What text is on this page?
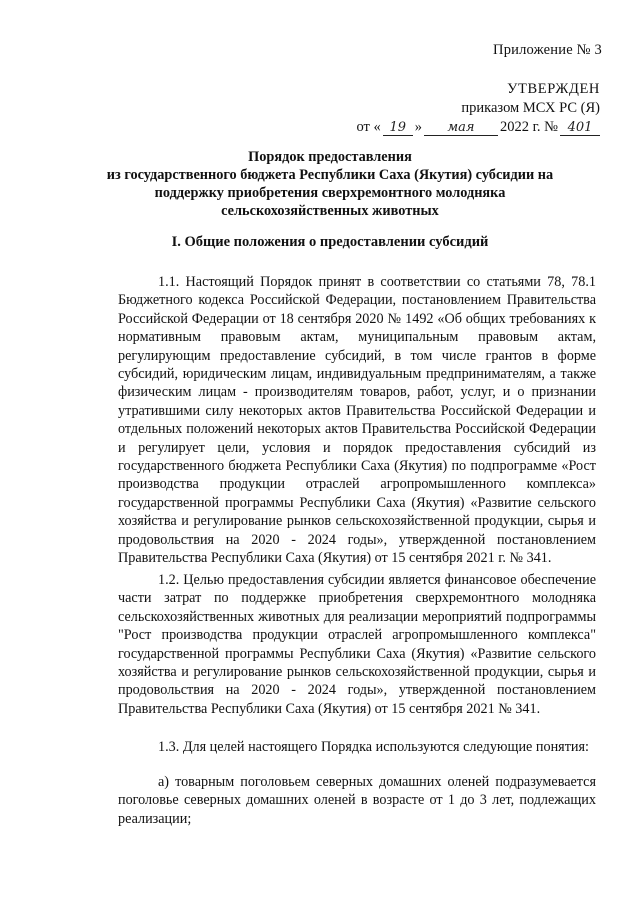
Приложение № 3
УТВЕРЖДЕН
приказом МСХ РС (Я)
от « 19 »	мая	2022 г. № 401
Порядок предоставления
из государственного бюджета Республики Саха (Якутия) субсидии на
поддержку приобретения сверхремонтного молодняка
сельскохозяйственных животных
I. Общие положения о предоставлении субсидий

1.1. Настоящий Порядок принят в соответствии со статьями 78, 78.1 Бюджетного кодекса Российской Федерации, постановлением Правительства Российской Федерации от 18 сентября 2020 № 1492 «Об общих требованиях к нормативным правовым актам, муниципальным правовым актам, регулирующим предоставление субсидий, в том числе грантов в форме субсидий, юридическим лицам, индивидуальным предпринимателям, а также физическим лицам - производителям товаров, работ, услуг, и о признании утратившими силу некоторых актов Правительства Российской Федерации и отдельных положений некоторых актов Правительства Российской Федерации и регулирует цели, условия и порядок предоставления субсидий из государственного бюджета Республики Саха (Якутия) по подпрограмме «Рост производства продукции отраслей агропромышленного комплекса» государственной программы Республики Саха (Якутия) «Развитие сельского хозяйства и регулирование рынков сельскохозяйственной продукции, сырья и продовольствия на 2020 - 2024 годы», утвержденной постановлением Правительства Республики Саха (Якутия) от 15 сентября 2021 г. № 341.

1.2. Целью предоставления субсидии является финансовое обеспечение части затрат по поддержке приобретения сверхремонтного молодняка сельскохозяйственных животных для реализации мероприятий подпрограммы "Рост производства продукции отраслей агропромышленного комплекса" государственной программы Республики Саха (Якутия) «Развитие сельского хозяйства и регулирование рынков сельскохозяйственной продукции, сырья и продовольствия на 2020 - 2024 годы», утвержденной постановлением Правительства Республики Саха (Якутия) от 15 сентября 2021 № 341.

1.3. Для целей настоящего Порядка используются следующие понятия:

а) товарным поголовьем северных домашних оленей подразумевается поголовье северных домашних оленей в возрасте от 1 до 3 лет, подлежащих реализации;
